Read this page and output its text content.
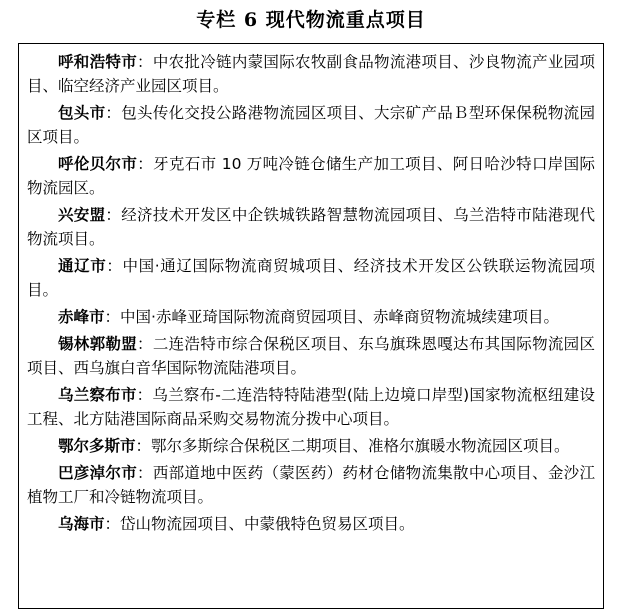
专栏 6 现代物流重点项目

呼和浩特市：中农批冷链内蒙国际农牧副食品物流港项目、沙良物流产业园项目、临空经济产业园区项目。

包头市：包头传化交投公路港物流园区项目、大宗矿产品Ｂ型环保保税物流园区项目。

呼伦贝尔市：牙克石市 10 万吨冷链仓储生产加工项目、阿日哈沙特口岸国际物流园区。

兴安盟：经济技术开发区中企铁城铁路智慧物流园项目、乌兰浩特市陆港现代物流项目。

通辽市：中国·通辽国际物流商贸城项目、经济技术开发区公铁联运物流园项目。

赤峰市：中国·赤峰亚琦国际物流商贸园项目、赤峰商贸物流城续建项目。

锡林郭勒盟：二连浩特市综合保税区项目、东乌旗珠恩嘎达布其国际物流园区项目、西乌旗白音华国际物流陆港项目。

乌兰察布市：乌兰察布-二连浩特特陆港型(陆上边境口岸型)国家物流枢纽建设工程、北方陆港国际商品采购交易物流分拨中心项目。

鄂尔多斯市：鄂尔多斯综合保税区二期项目、准格尔旗暖水物流园区项目。

巴彦淖尔市：西部道地中医药（蒙医药）药材仓储物流集散中心项目、金沙江植物工厂和冷链物流项目。

乌海市：岱山物流园项目、中蒙俄特色贸易区项目。
